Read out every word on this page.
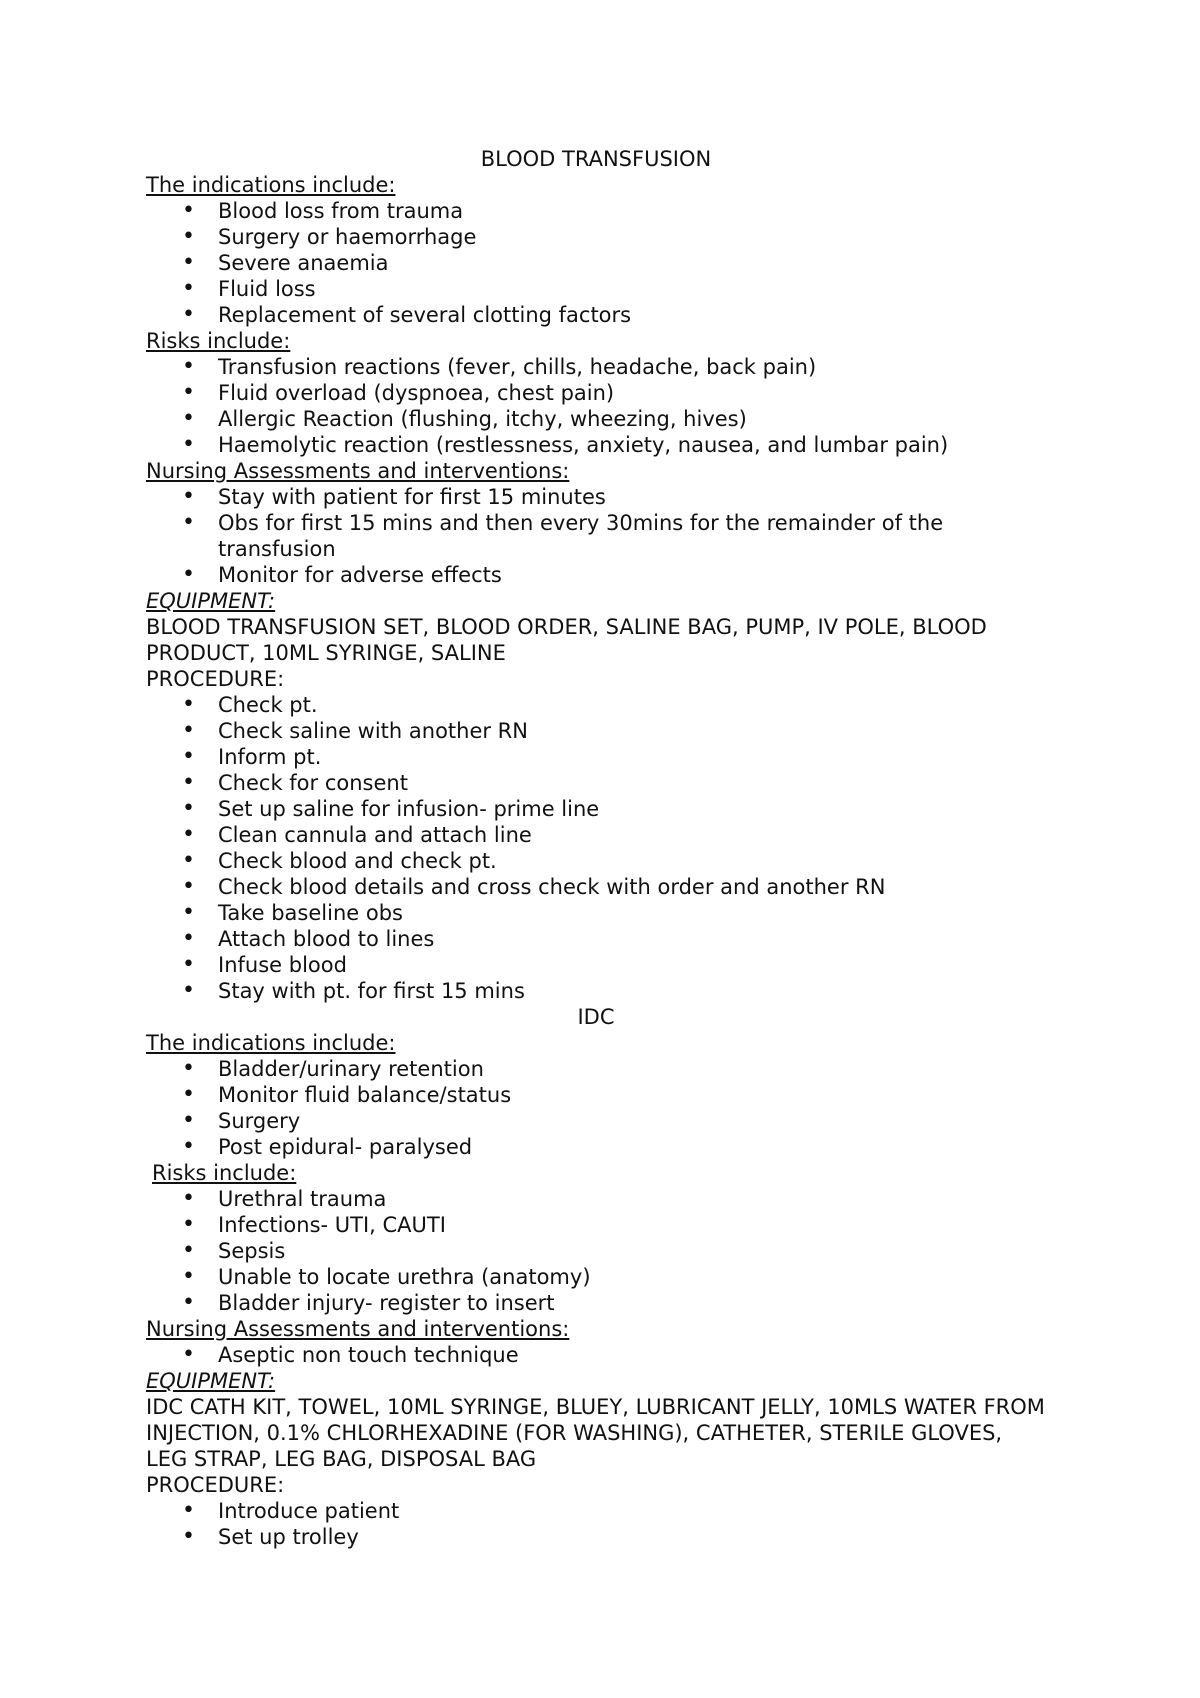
BLOOD TRANSFUSION

The indications include:

• Blood loss from trauma
• Surgery or haemorrhage
• Severe anaemia
• Fluid loss
• Replacement of several clotting factors

Risks include:

• Transfusion reactions (fever, chills, headache, back pain)
• Fluid overload (dyspnoea, chest pain)
• Allergic Reaction (flushing, itchy, wheezing, hives)
• Haemolytic reaction (restlessness, anxiety, nausea, and lumbar pain)

Nursing Assessments and interventions:

• Stay with patient for first 15 minutes
• Obs for first 15 mins and then every 30mins for the remainder of the transfusion
• Monitor for adverse effects

EQUIPMENT:

BLOOD TRANSFUSION SET, BLOOD ORDER, SALINE BAG, PUMP, IV POLE, BLOOD PRODUCT, 10ML SYRINGE, SALINE

PROCEDURE:

• Check pt.
• Check saline with another RN
• Inform pt.
• Check for consent
• Set up saline for infusion- prime line
• Clean cannula and attach line
• Check blood and check pt.
• Check blood details and cross check with order and another RN
• Take baseline obs
• Attach blood to lines
• Infuse blood
• Stay with pt. for first 15 mins

IDC

The indications include:

• Bladder/urinary retention
• Monitor fluid balance/status
• Surgery
• Post epidural- paralysed

Risks include:

• Urethral trauma
• Infections- UTI, CAUTI
• Sepsis
• Unable to locate urethra (anatomy)
• Bladder injury- register to insert

Nursing Assessments and interventions:

• Aseptic non touch technique

EQUIPMENT:

IDC CATH KIT, TOWEL, 10ML SYRINGE, BLUEY, LUBRICANT JELLY, 10MLS WATER FROM INJECTION, 0.1% CHLORHEXADINE (FOR WASHING), CATHETER, STERILE GLOVES, LEG STRAP, LEG BAG, DISPOSAL BAG

PROCEDURE:

• Introduce patient
• Set up trolley
